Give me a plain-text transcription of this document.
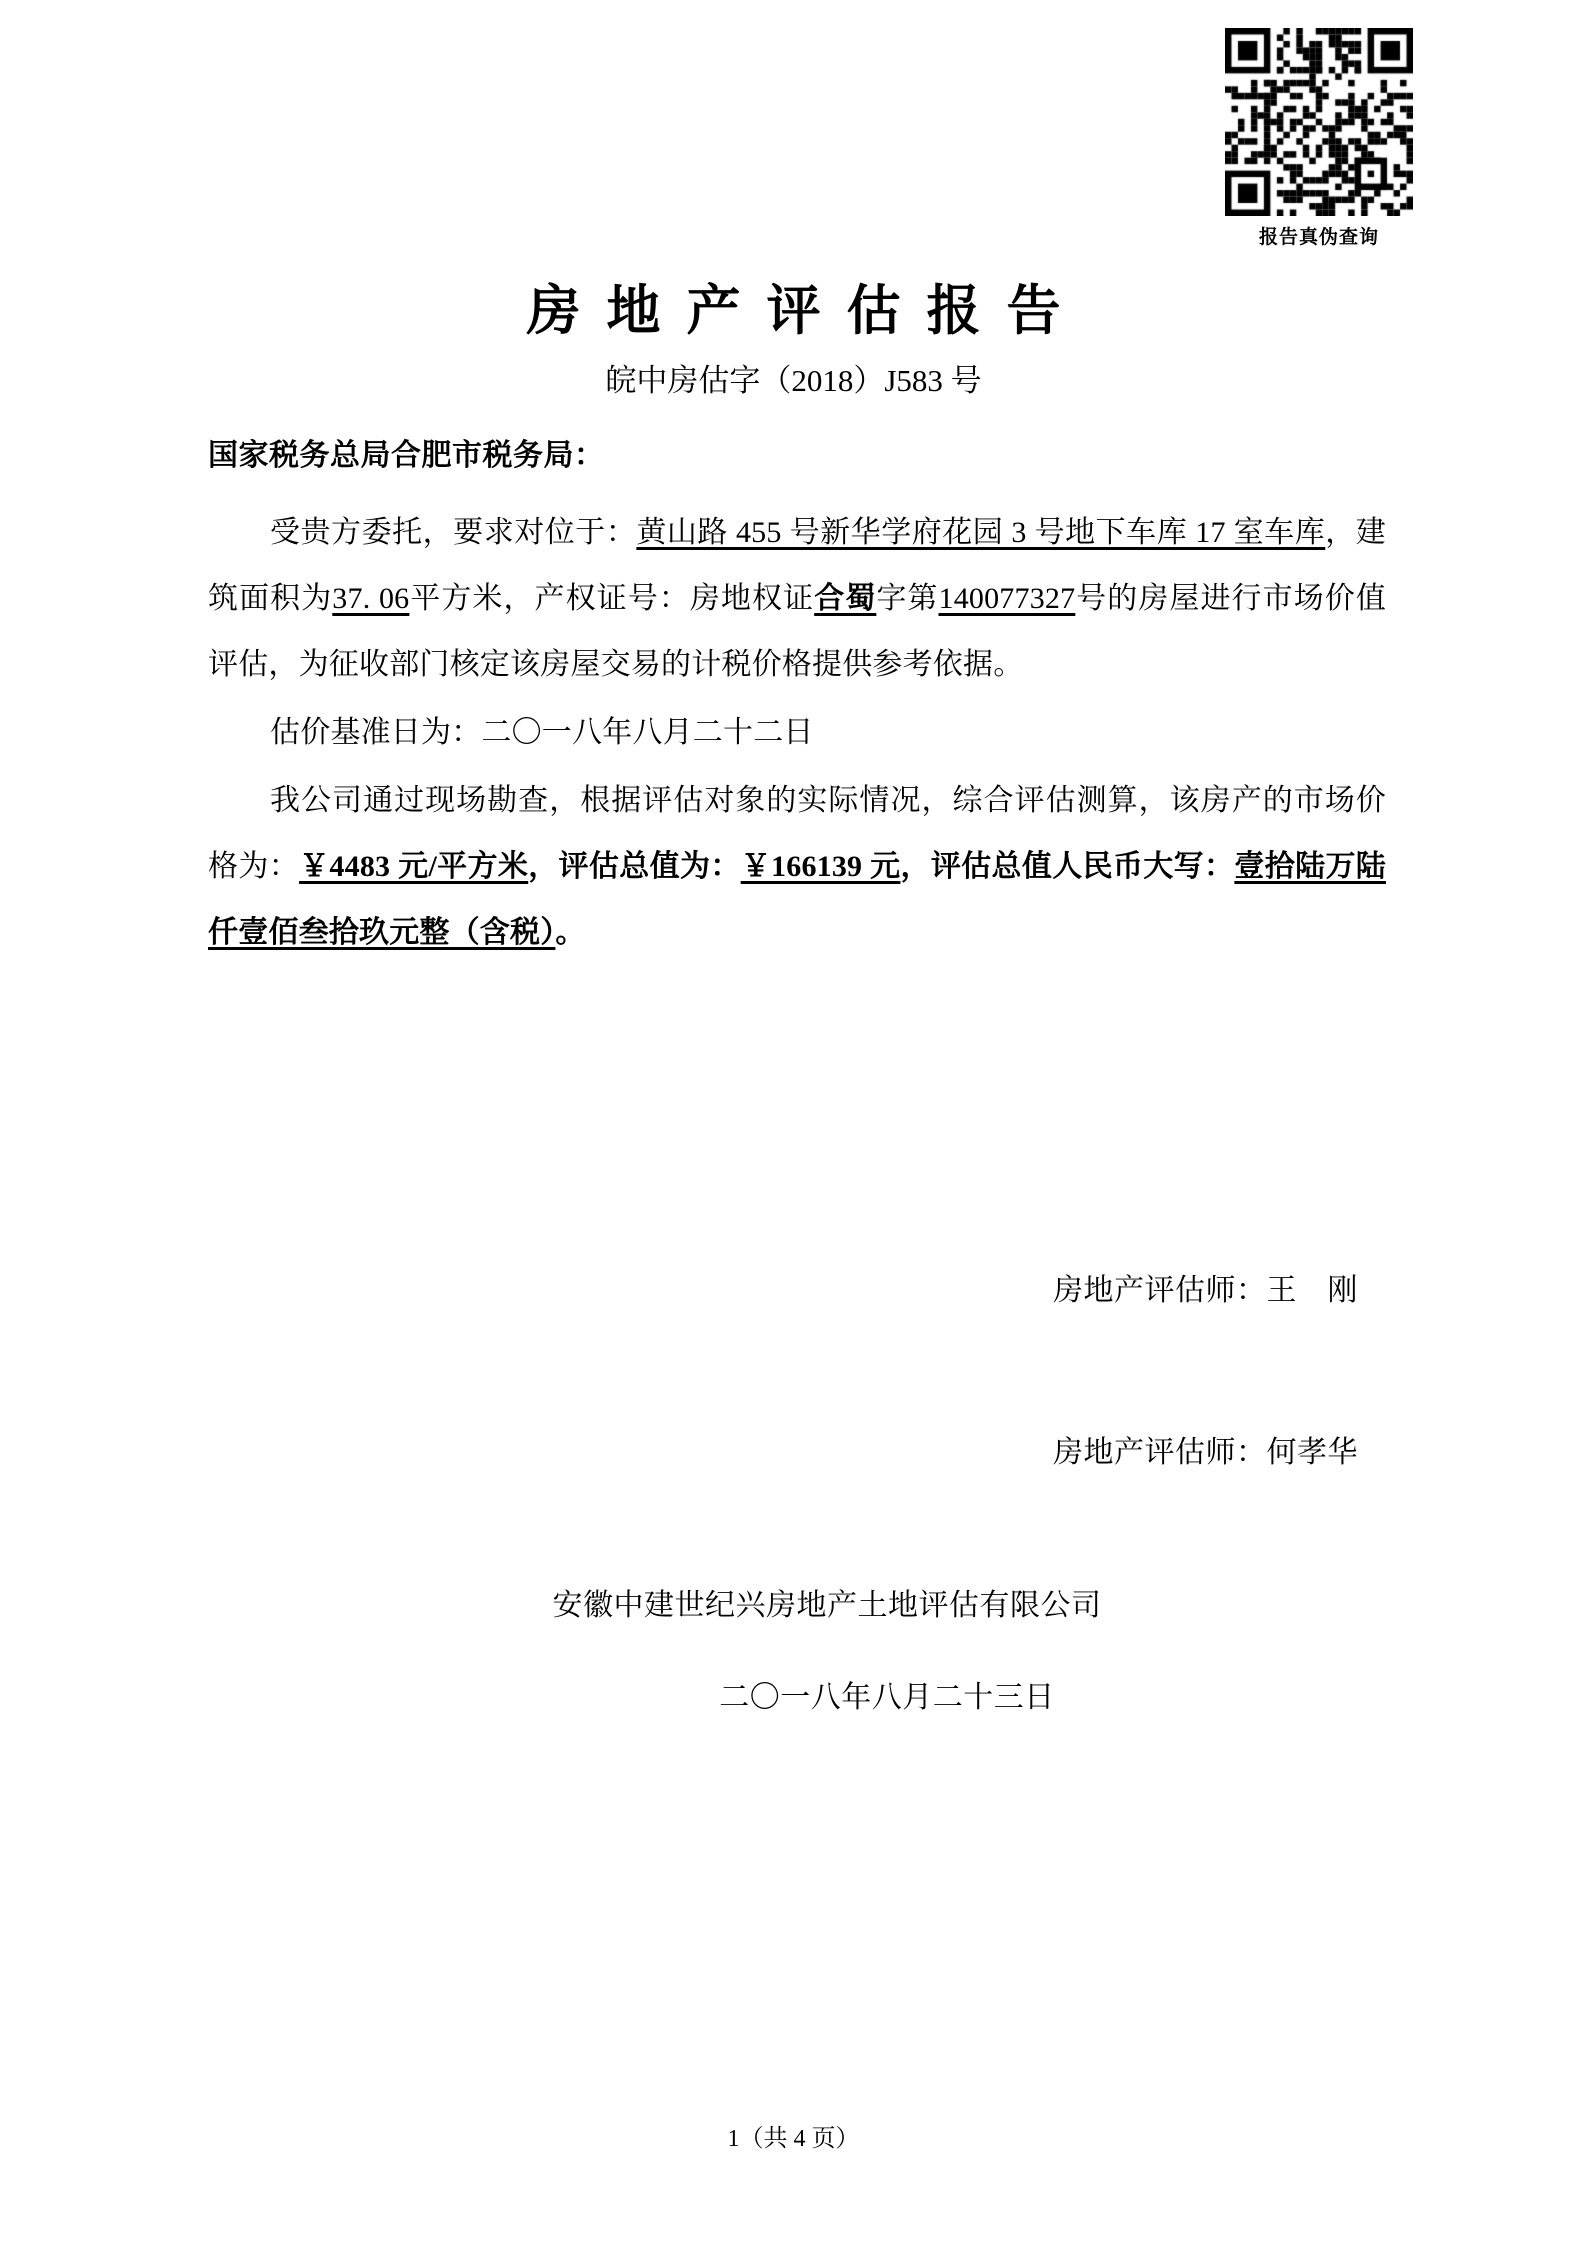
报告真伪查询
房地产评估报告
皖中房估字（2018）J583 号
国家税务总局合肥市税务局：

受贵方委托，要求对位于：黄山路 455 号新华学府花园 3 号地下车库 17 室车库，建筑面积为37. 06平方米，产权证号：房地权证合蜀字第140077327号的房屋进行市场价值评估，为征收部门核定该房屋交易的计税价格提供参考依据。

估价基准日为：二〇一八年八月二十二日

我公司通过现场勘查，根据评估对象的实际情况，综合评估测算，该房产的市场价格为：￥4483 元/平方米，评估总值为：￥166139 元，评估总值人民币大写：壹拾陆万陆仟壹佰叁拾玖元整（含税）。

房地产评估师：王　刚
房地产评估师：何孝华
安徽中建世纪兴房地产土地评估有限公司
二〇一八年八月二十三日
1（共 4 页）
